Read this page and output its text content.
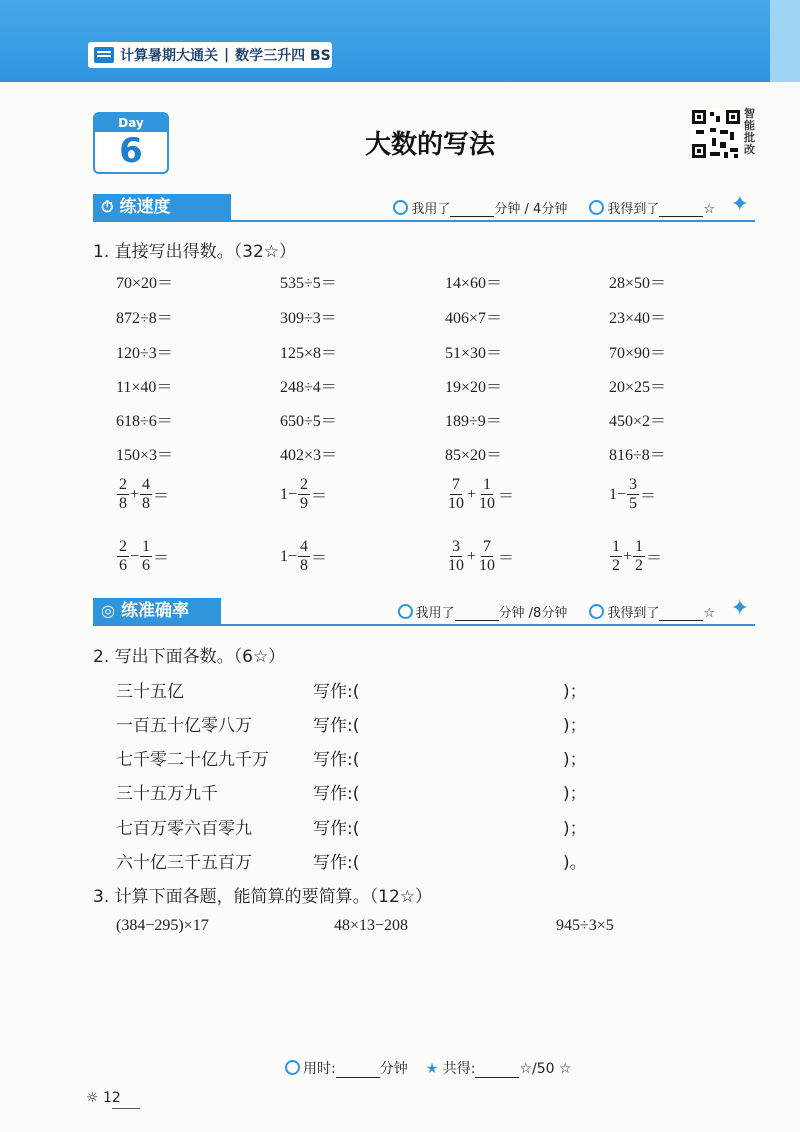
计算暑期大通关 | 数学三升四 BS
Day
6	大数的写法
智能批改
⏱ 练速度	我用了	分钟 / 4分钟	我得到了	☆ ✦
1. 直接写出得数。（32☆）
70×20＝	535÷5＝	14×60＝	28×50＝
872÷8＝	309÷3＝	406×7＝	23×40＝
120÷3＝	125×8＝	51×30＝	70×90＝
11×40＝	248÷4＝	19×20＝	20×25＝
618÷6＝	650÷5＝	189÷9＝	450×2＝
150×3＝	402×3＝	85×20＝	816÷8＝
$\frac{2}{8} + \frac{4}{8}$ ＝	$1- \frac{2}{9}$ ＝	$\frac{7}{10} + \frac{1}{10}$ ＝	$1- \frac{3}{5}$ ＝
$\frac{2}{6} - \frac{1}{6}$ ＝	$1- \frac{4}{8}$ ＝	$\frac{3}{10} + \frac{7}{10}$ ＝	$\frac{1}{2} + \frac{1}{2}$ ＝
◎ 练准确率	我用了	分钟 /8分钟	我得到了	☆ ✦
2. 写出下面各数。（6☆）
三十五亿	写作:(	)；
一百五十亿零八万	写作:(	)；
七千零二十亿九千万	写作:(	)；
三十五万九千	写作:(	)；
七百万零六百零九	写作:(	)；
六十亿三千五百万	写作:(	)。
3. 计算下面各题，能简算的要简算。（12☆）
(384−295)×17	48×13−208	945÷3×5
用时:	分钟 ★ 共得:	☆/50 ☆
☼ 12
